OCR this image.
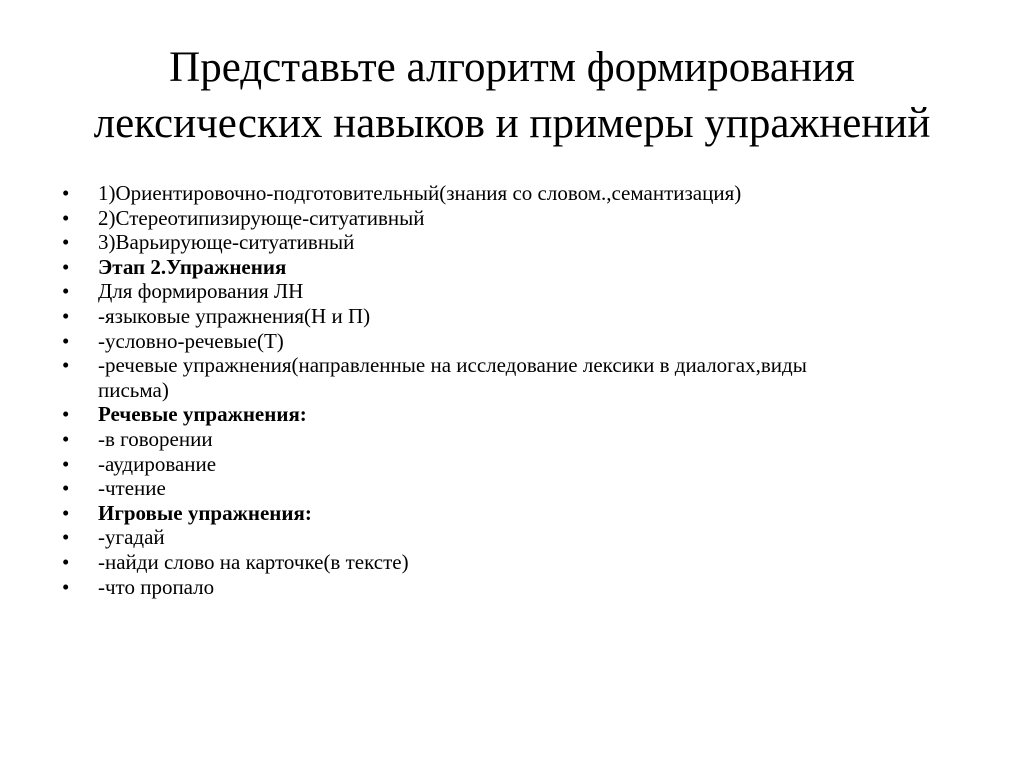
Представьте алгоритм формирования
лексических навыков и примеры упражнений
•	1)Ориентировочно-подготовительный(знания со словом.,семантизация)
•	2)Стереотипизирующе-ситуативный
•	3)Варьирующе-ситуативный
•	Этап 2.Упражнения
•	Для формирования ЛН
•	-языковые упражнения(Н и П)
•	-условно-речевые(Т)
•	-речевые упражнения(направленные на исследование лексики в диалогах,виды письма)
•	Речевые упражнения:
•	-в говорении
•	-аудирование
•	-чтение
•	Игровые упражнения:
•	-угадай
•	-найди слово на карточке(в тексте)
•	-что пропало
